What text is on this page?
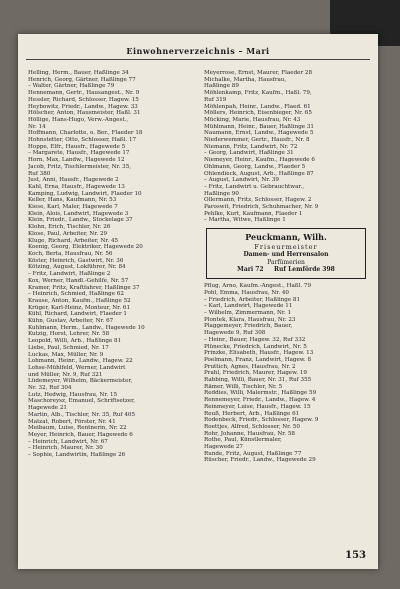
Einwohnerverzeichnis – Mari
Helling, Herm., Bauer, Haßlinge 34
Henrich, Georg, Gärtner, Haßlinge 77
– Walter, Gärtner, Haßlinge 79
Hennemann, Gertr., Hausangest., Nr. 9
Hessler, Richard, Schlosser, Hagew. 15
Heybowitz, Friedr., Landw., Hagew. 33
Hölscher, Anton, Hausmeister, Haßl. 31
Höllige, Hans-Hugo, Verw.-Angest.,
Nr. 14
Hoffmann, Charlotte, o. Ber., Flaeder 18
Hohnstetter, Otto, Schlosser, Haßl. 17
Hoppe, Elfr., Hausfr., Hagewede 5
– Margarete, Hausfr., Hagewede 17
Horn, Max, Landw., Hagewede 12
Jacob, Fritz, Tischlermeister, Nr. 35,
Ruf 380
Just, Anni, Hausfr., Hagewede 2
Kahl, Erna, Hausfr., Hagewede 13
Kamping, Ludwig, Landwirt, Flaeder 10
Keller, Hans, Kaufmann, Nr. 53
Kiese, Karl, Maler, Hagewede 7
Klein, Alois, Landwirt, Hagewede 3
Klein, Friedr., Landw., Stockelage 37
Klohn, Erich, Tischler, Nr. 26
Klose, Paul, Arbeiter, Nr. 29
Kluge, Richard, Arbeiter, Nr. 45
Koenig, Georg, Elektriker, Hagewede 20
Koch, Berta, Hausfrau, Nr. 56
Köster, Heinrich, Gastwirt, Nr. 36
Kötzing, August, Lokführer, Nr. 84
– Fritz, Landwirt, Haßlinge 2
Kox, Werner, Handl.-Gehilfe, Nr. 57
Kramer, Fritz, Kraftfahrer, Haßlinge 37
– Heinrich, Schmied, Haßlinge 62
Krause, Anton, Kaufm., Haßlinge 52
Krüger, Karl-Heinz, Monteur, Nr. 61
Kühl, Richard, Landwirt, Flaeder 1
Kühn, Gustav, Arbeiter, Nr. 67
Kuhlmann, Herm., Landw., Hagewede 10
Kutzig, Horst, Lehrer, Nr. 58
Leopold, Willi, Arb., Haßlinge 81
Liebe, Paul, Schmied, Nr. 17
Luckas, Max, Müller, Nr. 9
Lohmann, Heinr., Landw., Hagew. 22
Lohse-Mühlfeld, Werner, Landwirt
und Müller, Nr. 9, Ruf 321
Lüdemeyer, Wilhelm, Bäckermeister,
Nr. 32, Ruf 304
Lutz, Hedwig, Hausfrau, Nr. 15
Maschoreysz, Emanuel, Schriftsetzer,
Hagewede 21
Martin, Alb., Tischler, Nr. 35, Ruf 405
Matzat, Robert, Förster, Nr. 41
Meibaum, Luise, Rentnerin, Nr. 22
Meyer, Heinrich, Bauer, Hagewede 6
– Heinrich, Landwirt, Nr. 67
– Heinrich, Maurer, Nr. 30
– Sophie, Landwirtin, Haßlinge 26
Meyerrose, Ernst, Maurer, Flaeder 28
Michalke, Martha, Hausfrau,
Haßlinge 89
Möhlenkamp, Fritz, Kaufm., Haßl. 79,
Ruf 319
Möhlenpah, Heinr., Landw., Flaed. 61
Möllers, Heinrich, Eisenbieger, Nr. 65
Mücking, Marie, Hausfrau, Nr. 43
Mühlmann, Heinr., Bauer, Haßlinge 31
Naumann, Ernst, Landw., Hagewede 5
Niederwemmer, Gertr., Hausfr., Nr. 8
Niemann, Fritz, Landwirt, Nr. 72
– Georg, Landwirt, Haßlinge 31
Niemeyer, Heinr., Kaufm., Hagewede 6
Ohlmann, Georg, Landw., Flaeder 5
Ohlendieck, August, Arb., Haßlinge 87
– August, Landwirt, Nr. 39
– Fritz, Landwirt u. Gebrauchtwar.,
Haßlinge 90
Ollermann, Fritz, Schlosser, Hagew. 2
Paroswit, Friedrich, Schuhmacher, Nr. 9
Pehlke, Kurt, Kaufmann, Flaeder 1
– Martha, Witwe, Haßlinge 1
Peuckmann, Wilh.
Friseurmeister
Damen- und Herrensalon
Parfümerien
Mari 72 Ruf Lemförde 398
Pflug, Arno, Kaufm.-Angest., Haßl. 79
Pohl, Emma, Hausfrau, Nr. 40
– Friedrich, Arbeiter, Haßlinge 81
– Karl, Landwirt, Hagewede 11
– Wilhelm, Zimmermann, Nr. 1
Plontek, Klara, Hausfrau, Nr. 23
Plaggemeyer, Friedrich, Bauer,
Hagewede 9, Ruf 308
– Heinr., Bauer, Hagew. 32, Ruf 332
Plünecke, Friedrich, Landwirt, Nr. 5
Prinzke, Elisabeth, Hausfr., Hagew. 13
Poelmann, Franz, Landwirt, Hagew. 8
Pruttich, Agnes, Hausfrau, Nr. 2
Prahl, Friedrich, Maurer, Hagew. 19
Rabbing, Willi, Bauer, Nr. 31, Ruf 355
Rämer, Willi, Tischler, Nr. 5
Reddies, Willi, Malermstr., Haßlinge 59
Rennemeyer, Friedr., Landw., Hagew. 4
Reinmeyer, Luise, Hausfr., Hagew. 15
Reuß, Herbert, Arb., Haßlinge 61
Rodenbeck, Friedr., Schlosser, Hagew. 9
Roettjes, Alfred, Schlosser, Nr. 50
Rohr, Johanne, Hausfrau, Nr. 58
Rothe, Paul, Künstlermaler,
Hagewede 27
Runde, Fritz, August, Haßlinge 77
Rüscher, Friedr., Landw., Hagewede 29
153
